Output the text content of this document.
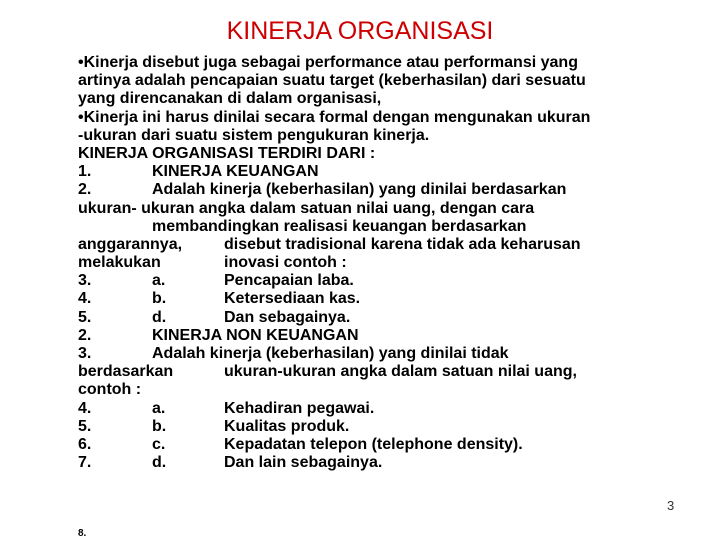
KINERJA ORGANISASI
•Kinerja disebut juga sebagai performance atau performansi yang
artinya adalah pencapaian suatu target (keberhasilan) dari sesuatu
yang direncanakan di dalam organisasi,
•Kinerja ini harus dinilai secara formal dengan mengunakan ukuran
-ukuran dari suatu sistem pengukuran kinerja.
KINERJA ORGANISASI TERDIRI DARI :
1.	KINERJA KEUANGAN
2.	Adalah kinerja (keberhasilan) yang dinilai berdasarkan
ukuran- ukuran angka dalam satuan nilai uang, dengan cara
membandingkan realisasi keuangan berdasarkan
anggarannya,	disebut tradisional karena tidak ada keharusan
melakukan	inovasi contoh :
3.	a.	Pencapaian laba.
4.	b.	Ketersediaan kas.
5.	d.	Dan sebagainya.
2.	KINERJA NON KEUANGAN
3.	Adalah kinerja (keberhasilan) yang dinilai tidak
berdasarkan	ukuran-ukuran angka dalam satuan nilai uang,
contoh :
4.	a.	Kehadiran pegawai.
5.	b.	Kualitas produk.
6.	c.	Kepadatan telepon (telephone density).
7.	d.	Dan lain sebagainya.
3
8.
